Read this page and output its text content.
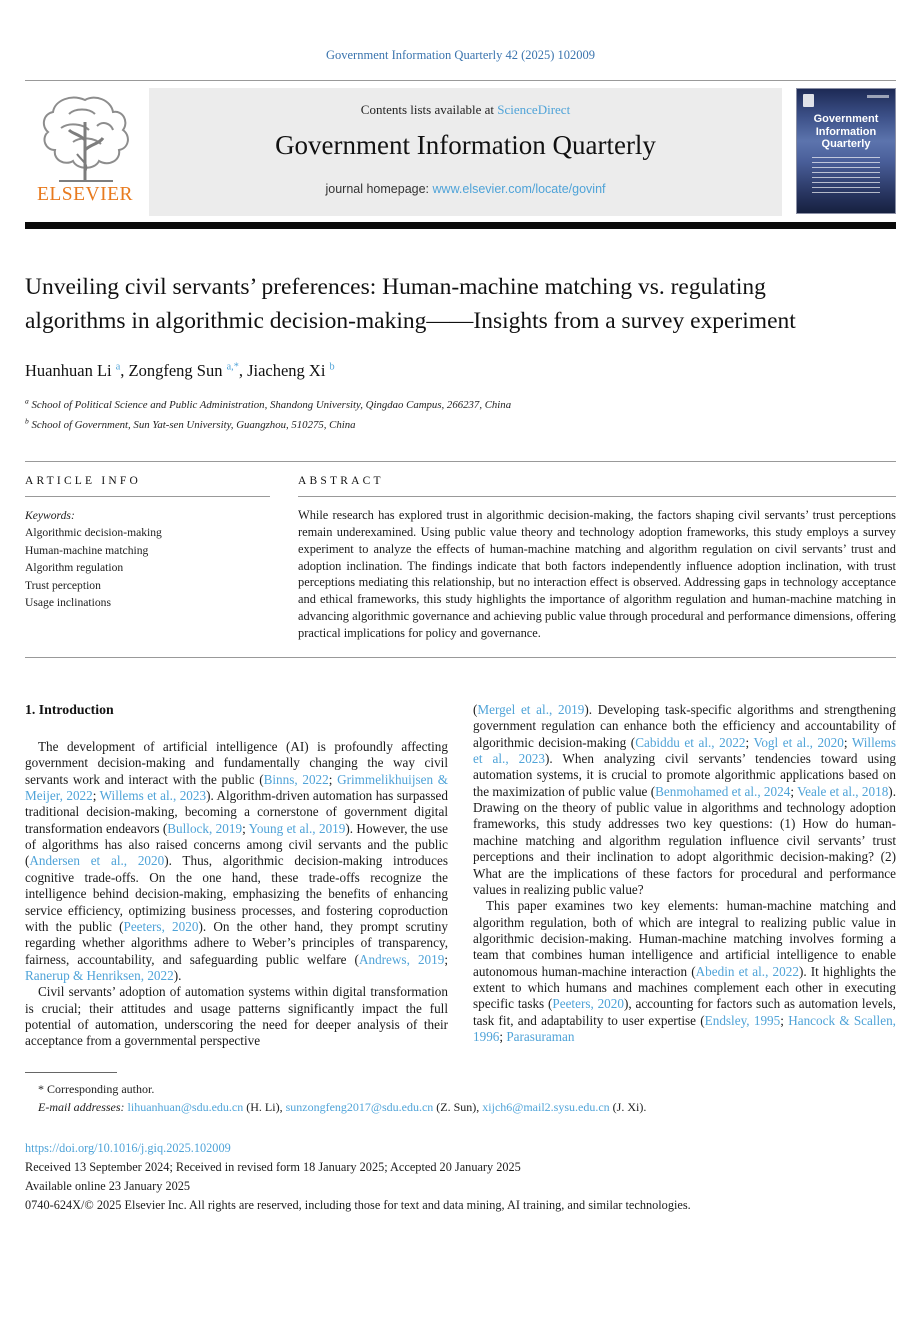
Government Information Quarterly 42 (2025) 102009
ELSEVIER
Contents lists available at ScienceDirect
Government Information Quarterly
journal homepage: www.elsevier.com/locate/govinf
Government
Information
Quarterly
Unveiling civil servants’ preferences: Human-machine matching vs. regulating algorithms in algorithmic decision-making——Insights from a survey experiment
Huanhuan Li $^a$, Zongfeng Sun $^{a,*}$, Jiacheng Xi $^b$
$^a$ School of Political Science and Public Administration, Shandong University, Qingdao Campus, 266237, China
$^b$ School of Government, Sun Yat-sen University, Guangzhou, 510275, China
ARTICLE INFO
Keywords:
Algorithmic decision-making
Human-machine matching
Algorithm regulation
Trust perception
Usage inclinations
ABSTRACT

While research has explored trust in algorithmic decision-making, the factors shaping civil servants’ trust perceptions remain underexamined. Using public value theory and technology adoption frameworks, this study employs a survey experiment to analyze the effects of human-machine matching and algorithm regulation on civil servants’ trust and adoption inclination. The findings indicate that both factors independently influence adoption inclination, with trust perceptions mediating this relationship, but no interaction effect is observed. Addressing gaps in technology acceptance and ethical frameworks, this study highlights the importance of algorithm regulation and human-machine matching in advancing algorithmic governance and achieving public value through procedural and performance dimensions, offering practical implications for policy and governance.

1. Introduction

The development of artificial intelligence (AI) is profoundly affecting government decision-making and fundamentally changing the way civil servants work and interact with the public (Binns, 2022; Grimmelikhuijsen & Meijer, 2022; Willems et al., 2023). Algorithm-driven automation has surpassed traditional decision-making, becoming a cornerstone of government digital transformation endeavors (Bullock, 2019; Young et al., 2019). However, the use of algorithms has also raised concerns among civil servants and the public (Andersen et al., 2020). Thus, algorithmic decision-making introduces cognitive trade-offs. On the one hand, these trade-offs recognize the intelligence behind decision-making, emphasizing the benefits of enhancing service efficiency, optimizing business processes, and fostering coproduction with the public (Peeters, 2020). On the other hand, they prompt scrutiny regarding whether algorithms adhere to Weber’s principles of transparency, fairness, accountability, and safeguarding public welfare (Andrews, 2019; Ranerup & Henriksen, 2022).

Civil servants’ adoption of automation systems within digital transformation is crucial; their attitudes and usage patterns significantly impact the full potential of automation, underscoring the need for deeper analysis of their acceptance from a governmental perspective

(Mergel et al., 2019). Developing task-specific algorithms and strengthening government regulation can enhance both the efficiency and accountability of algorithmic decision-making (Cabiddu et al., 2022; Vogl et al., 2020; Willems et al., 2023). When analyzing civil servants’ tendencies toward using automation systems, it is crucial to promote algorithmic applications based on the maximization of public value (Benmohamed et al., 2024; Veale et al., 2018). Drawing on the theory of public value in algorithms and technology adoption frameworks, this study addresses two key questions: (1) How do human-machine matching and algorithm regulation influence civil servants’ trust perceptions and their inclination to adopt algorithmic decision-making? (2) What are the implications of these factors for procedural and performance values in realizing public value?

This paper examines two key elements: human-machine matching and algorithm regulation, both of which are integral to realizing public value in algorithmic decision-making. Human-machine matching involves forming a team that combines human intelligence and artificial intelligence to enable autonomous human-machine interaction (Abedin et al., 2022). It highlights the extent to which humans and machines complement each other in executing specific tasks (Peeters, 2020), accounting for factors such as automation levels, task fit, and adaptability to user expertise (Endsley, 1995; Hancock & Scallen, 1996; Parasuraman

* Corresponding author.
E-mail addresses: lihuanhuan@sdu.edu.cn (H. Li), sunzongfeng2017@sdu.edu.cn (Z. Sun), xijch6@mail2.sysu.edu.cn (J. Xi).
https://doi.org/10.1016/j.giq.2025.102009
Received 13 September 2024; Received in revised form 18 January 2025; Accepted 20 January 2025
Available online 23 January 2025
0740-624X/© 2025 Elsevier Inc. All rights are reserved, including those for text and data mining, AI training, and similar technologies.
